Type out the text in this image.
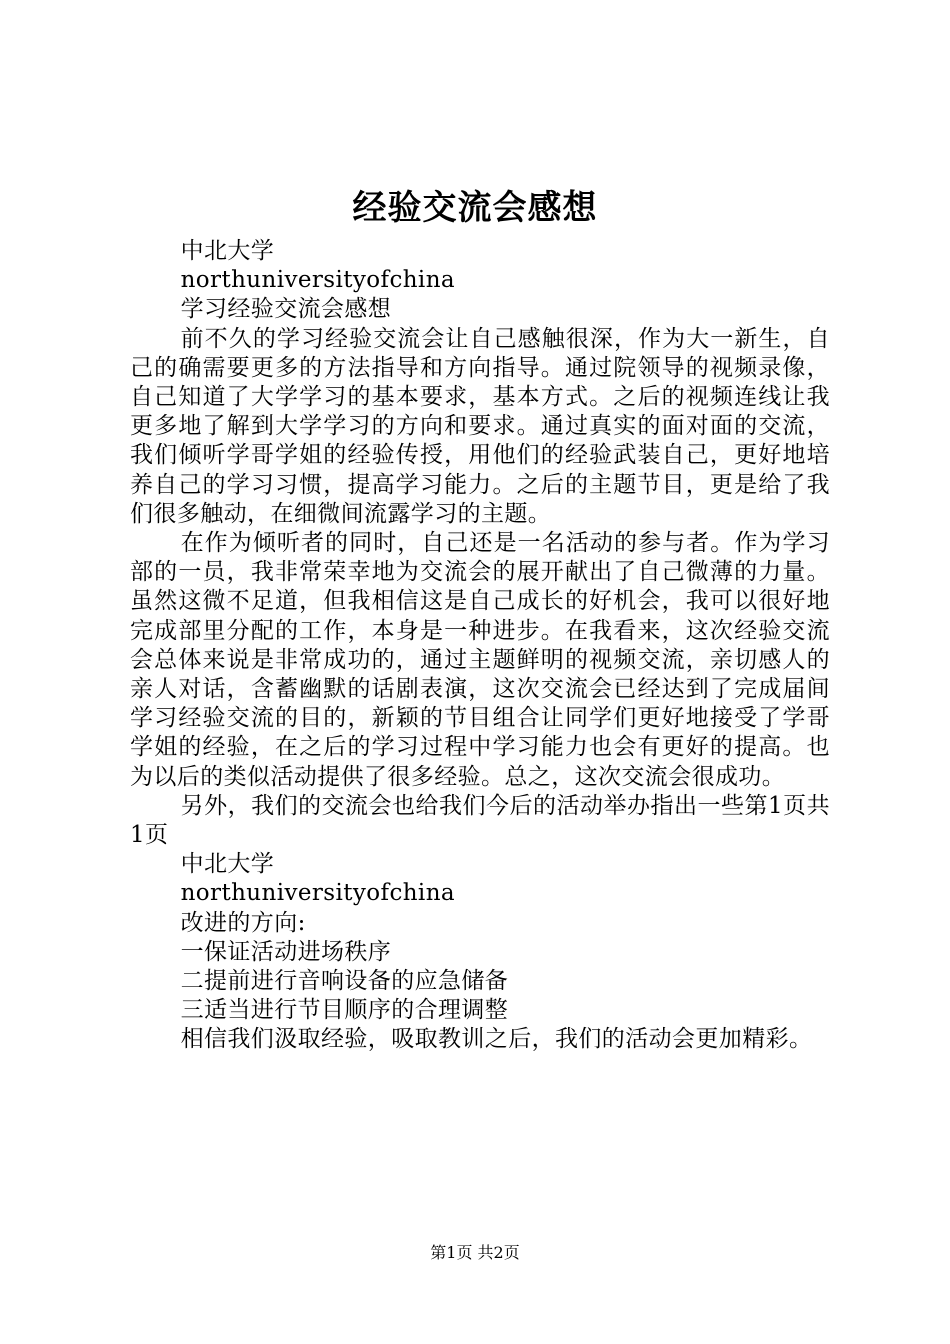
经验交流会感想

中北大学

northuniversityofchina

学习经验交流会感想

前不久的学习经验交流会让自己感触很深，作为大一新生，自己的确需要更多的方法指导和方向指导。通过院领导的视频录像，自己知道了大学学习的基本要求，基本方式。之后的视频连线让我更多地了解到大学学习的方向和要求。通过真实的面对面的交流，我们倾听学哥学姐的经验传授，用他们的经验武装自己，更好地培养自己的学习习惯，提高学习能力。之后的主题节目，更是给了我们很多触动，在细微间流露学习的主题。

在作为倾听者的同时，自己还是一名活动的参与者。作为学习部的一员，我非常荣幸地为交流会的展开献出了自己微薄的力量。虽然这微不足道，但我相信这是自己成长的好机会，我可以很好地完成部里分配的工作，本身是一种进步。在我看来，这次经验交流会总体来说是非常成功的，通过主题鲜明的视频交流，亲切感人的亲人对话，含蓄幽默的话剧表演，这次交流会已经达到了完成届间学习经验交流的目的，新颖的节目组合让同学们更好地接受了学哥学姐的经验，在之后的学习过程中学习能力也会有更好的提高。也为以后的类似活动提供了很多经验。总之，这次交流会很成功。

另外，我们的交流会也给我们今后的活动举办指出一些第1页共1页

中北大学

northuniversityofchina

改进的方向:

一保证活动进场秩序

二提前进行音响设备的应急储备

三适当进行节目顺序的合理调整

相信我们汲取经验，吸取教训之后，我们的活动会更加精彩。

第1页 共2页
